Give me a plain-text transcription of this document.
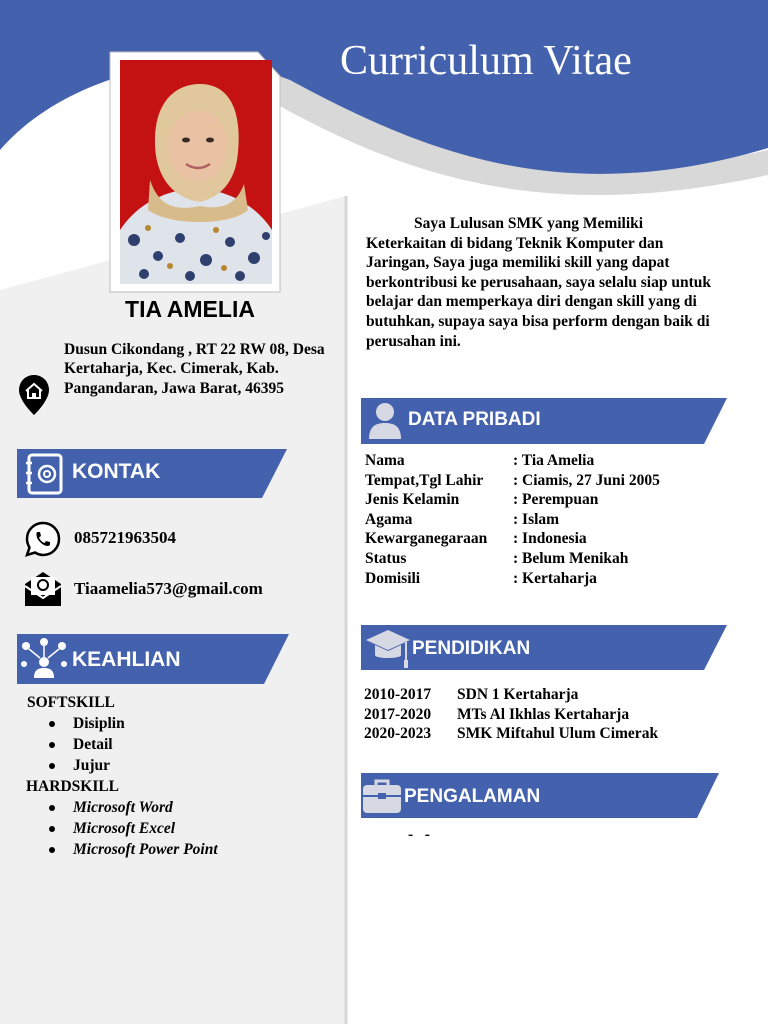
Curriculum Vitae
TIA AMELIA
Dusun Cikondang , RT 22 RW 08, Desa Kertaharja, Kec. Cimerak, Kab. Pangandaran, Jawa Barat, 46395
KONTAK
085721963504
Tiaamelia573@gmail.com
KEAHLIAN
SOFTSKILL
Disiplin
Detail
Jujur
HARDSKILL
Microsoft Word
Microsoft Excel
Microsoft Power Point
Saya Lulusan SMK yang Memiliki Keterkaitan di bidang Teknik Komputer dan Jaringan, Saya juga memiliki skill yang dapat berkontribusi ke perusahaan, saya selalu siap untuk belajar dan memperkaya diri dengan skill yang di butuhkan, supaya saya bisa perform dengan baik di perusahan ini.
DATA PRIBADI
Nama	: Tia Amelia
Tempat,Tgl Lahir	: Ciamis, 27 Juni 2005
Jenis Kelamin	: Perempuan
Agama	: Islam
Kewarganegaraan	: Indonesia
Status	: Belum Menikah
Domisili	: Kertaharja
PENDIDIKAN
2010-2017	SDN 1 Kertaharja
2017-2020	MTs Al Ikhlas Kertaharja
2020-2023	SMK Miftahul Ulum Cimerak
PENGALAMAN
-   -
